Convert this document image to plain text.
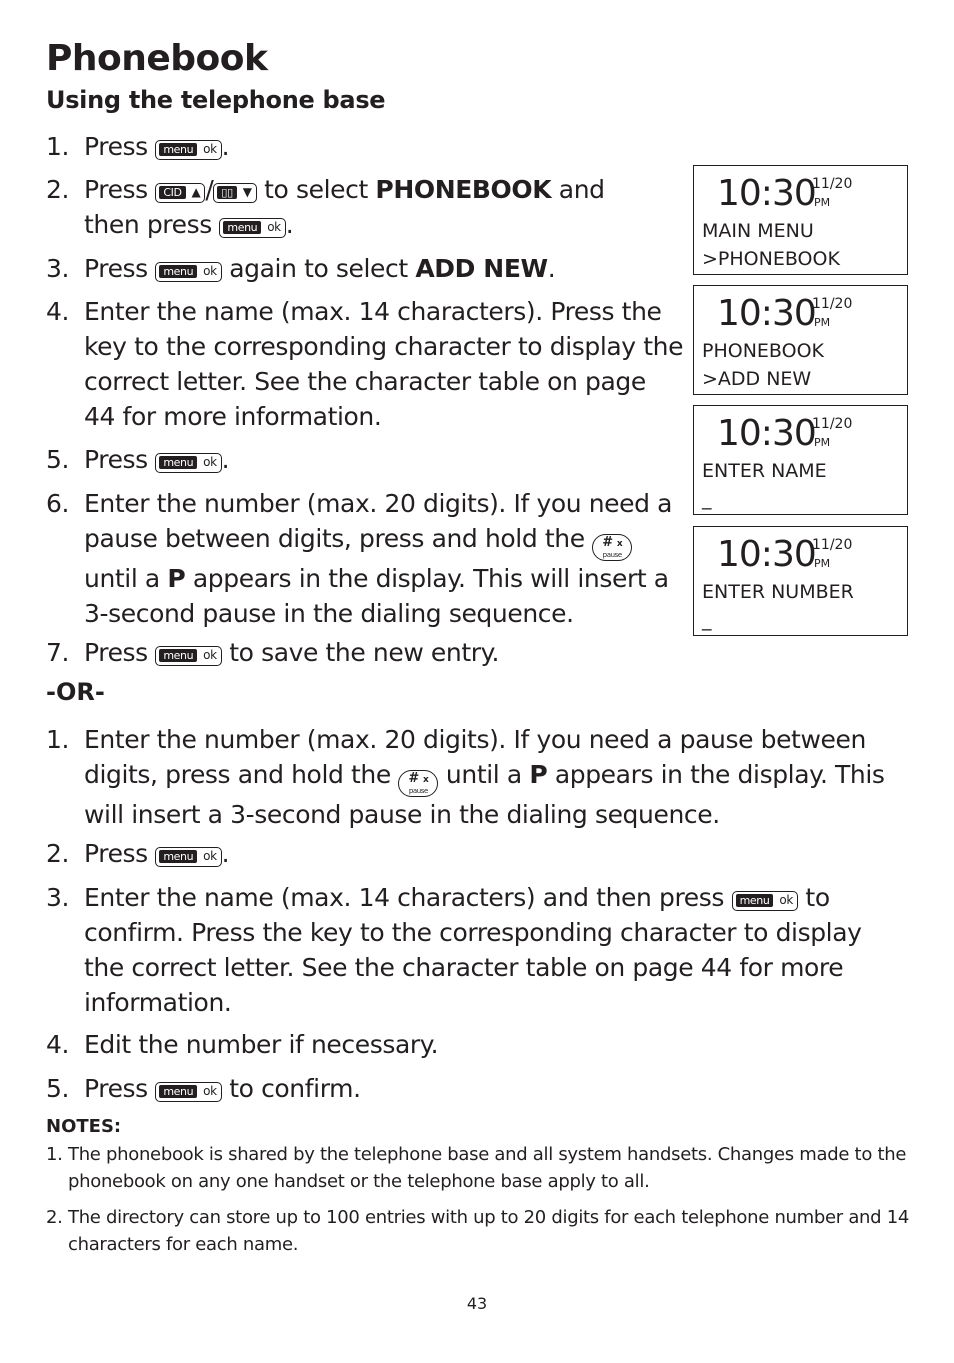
Phonebook
Using the telephone base
1. Press	menu ok .
2. Press	CID ▲ / ▯▯ ▼ to select PHONEBOOK and
then press	menu ok .
3. Press	menu ok again to select ADD NEW.
4. Enter the name (max. 14 characters). Press the
key to the corresponding character to display the
correct letter. See the character table on page
44 for more information.
5. Press	menu ok .
6. Enter the number (max. 20 digits). If you need a
pause between digits, press and hold the # x
pause

until a P appears in the display. This will insert a
3-second pause in the dialing sequence.
7. Press	menu ok to save the new entry.
10:30
11/20
PM
MAIN MENU
>PHONEBOOK
10:30
11/20
PM
PHONEBOOK
>ADD NEW
10:30
11/20
PM
ENTER NAME
_
10:30
11/20
PM
ENTER NUMBER
_
-OR-
1. Enter the number (max. 20 digits). If you need a pause between
digits, press and hold the # x
pause
until a P appears in the display. This
will insert a 3-second pause in the dialing sequence.
2. Press	menu ok .
3. Enter the name (max. 14 characters) and then press	menu ok to
confirm. Press the key to the corresponding character to display
the correct letter. See the character table on page 44 for more
information.
4. Edit the number if necessary.
5. Press	menu ok to confirm.
NOTES:
1. The phonebook is shared by the telephone base and all system handsets. Changes made to the phonebook on any one handset or the telephone base apply to all.
2. The directory can store up to 100 entries with up to 20 digits for each telephone number and 14 characters for each name.
43
